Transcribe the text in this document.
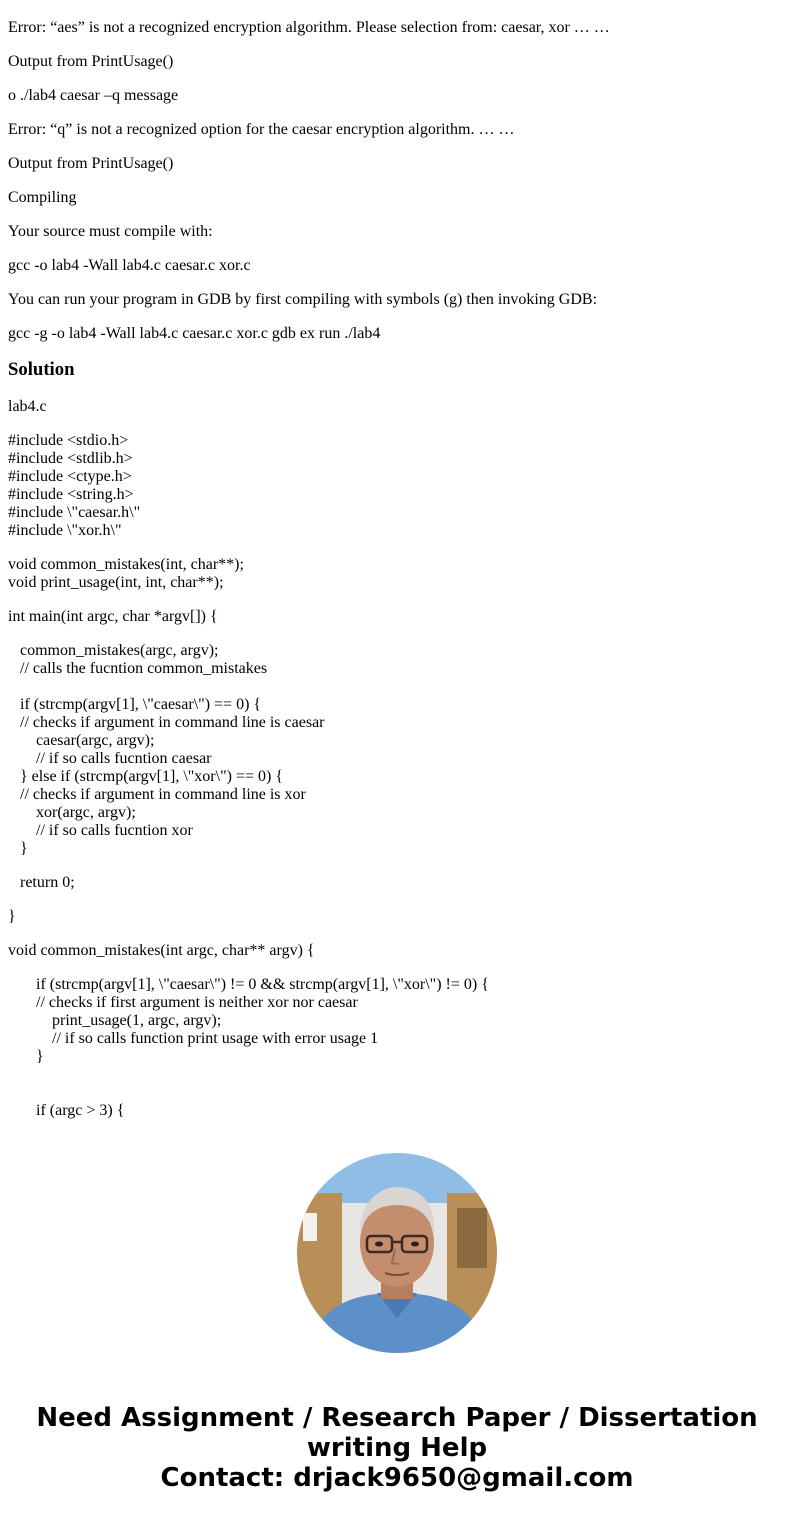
Error: “aes” is not a recognized encryption algorithm. Please selection from: caesar, xor … …
Output from PrintUsage()
o ./lab4 caesar –q message
Error: “q” is not a recognized option for the caesar encryption algorithm. … …
Output from PrintUsage()
Compiling
Your source must compile with:
gcc -o lab4 -Wall lab4.c caesar.c xor.c
You can run your program in GDB by first compiling with symbols (g) then invoking GDB:
gcc -g -o lab4 -Wall lab4.c caesar.c xor.c gdb ex run ./lab4
Solution
lab4.c
#include <stdio.h>
#include <stdlib.h>
#include <ctype.h>
#include <string.h>
#include \"caesar.h\"
#include \"xor.h\"
void common_mistakes(int, char**);
void print_usage(int, int, char**);
int main(int argc, char *argv[]) {
common_mistakes(argc, argv);
// calls the fucntion common_mistakes
if (strcmp(argv[1], \"caesar\") == 0) {
// checks if argument in command line is caesar
caesar(argc, argv);
// if so calls fucntion caesar
} else if (strcmp(argv[1], \"xor\") == 0) {
// checks if argument in command line is xor
xor(argc, argv);
// if so calls fucntion xor
}
return 0;
}
void common_mistakes(int argc, char** argv) {
if (strcmp(argv[1], \"caesar\") != 0 && strcmp(argv[1], \"xor\") != 0) {
// checks if first argument is neither xor nor caesar
print_usage(1, argc, argv);
// if so calls function print usage with error usage 1
}
if (argc > 3) {
Need Assignment / Research Paper / Dissertation
writing Help
Contact: drjack9650@gmail.com
